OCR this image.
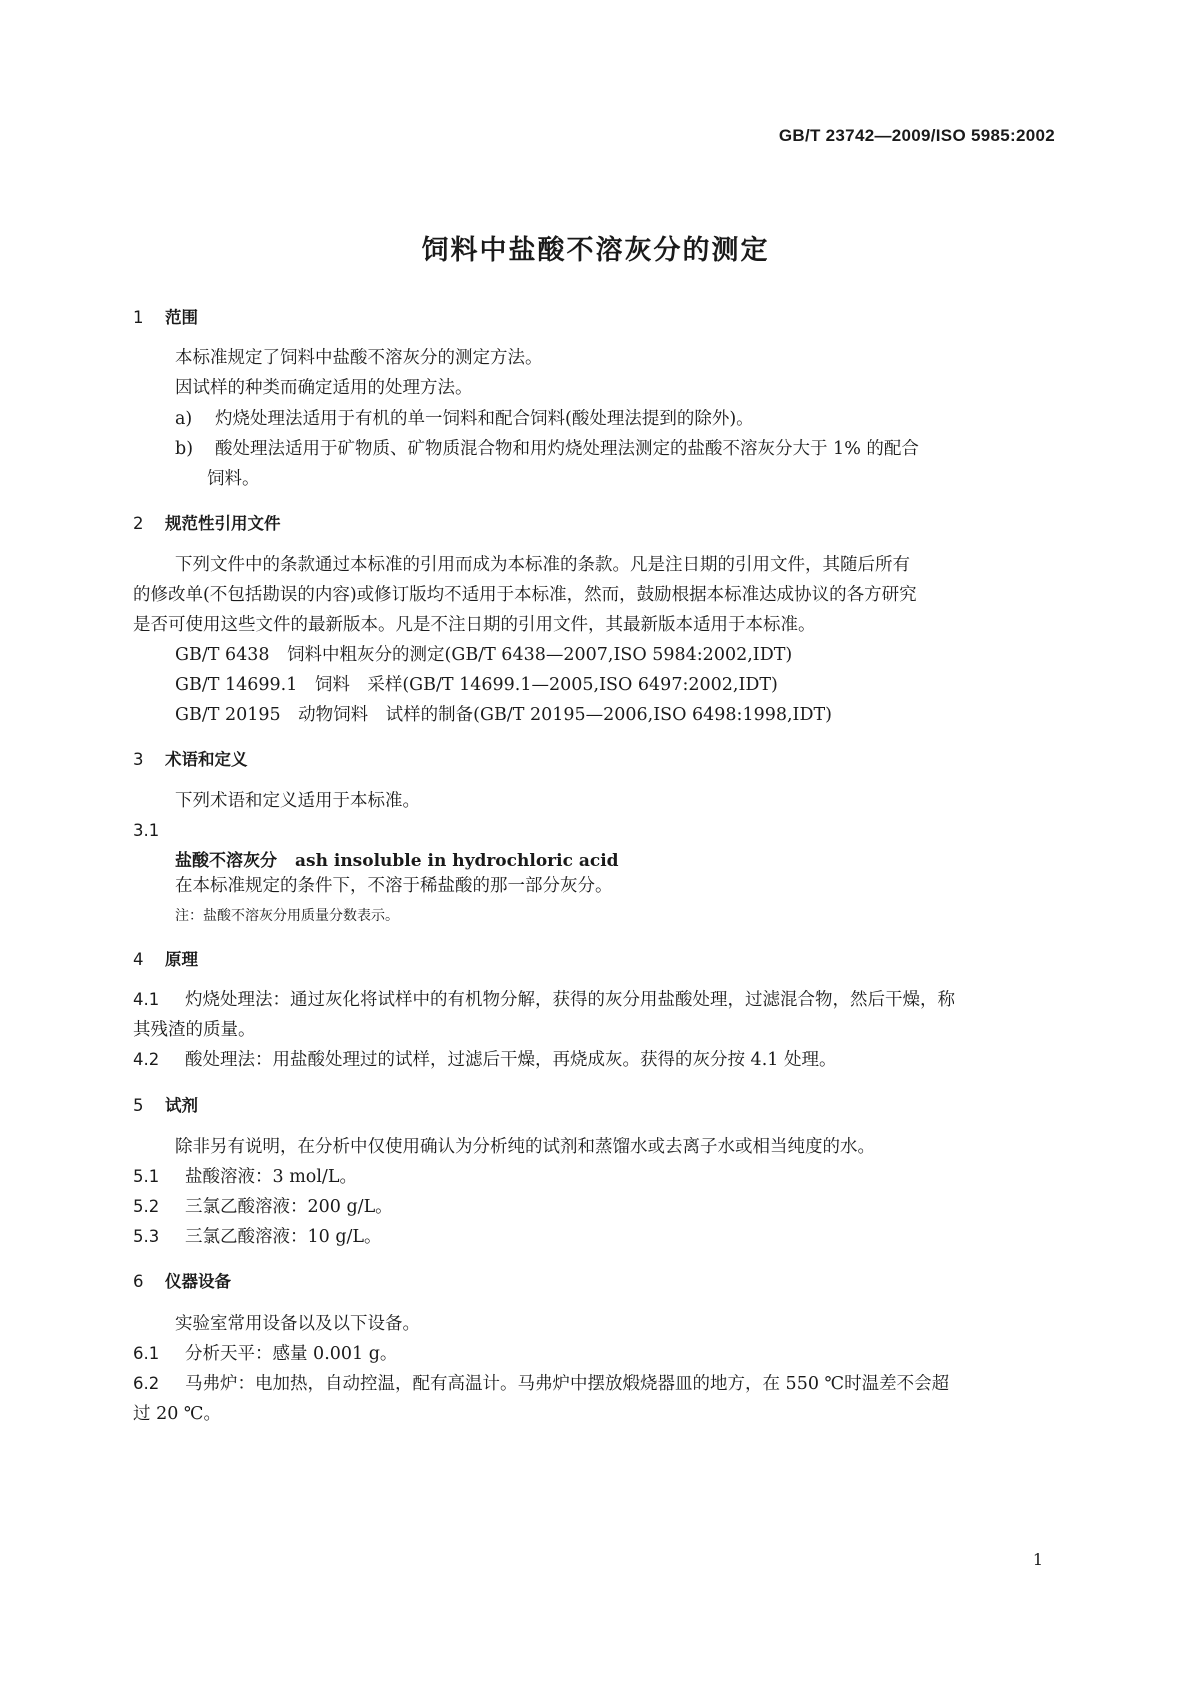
GB/T 23742—2009/ISO 5985:2002
饲料中盐酸不溶灰分的测定
1 范围
本标准规定了饲料中盐酸不溶灰分的测定方法。
因试样的种类而确定适用的处理方法。
a) 灼烧处理法适用于有机的单一饲料和配合饲料(酸处理法提到的除外)。
b) 酸处理法适用于矿物质、矿物质混合物和用灼烧处理法测定的盐酸不溶灰分大于 1% 的配合
饲料。
2 规范性引用文件
下列文件中的条款通过本标准的引用而成为本标准的条款。凡是注日期的引用文件，其随后所有
的修改单(不包括勘误的内容)或修订版均不适用于本标准，然而，鼓励根据本标准达成协议的各方研究
是否可使用这些文件的最新版本。凡是不注日期的引用文件，其最新版本适用于本标准。
GB/T 6438　饲料中粗灰分的测定(GB/T 6438—2007,ISO 5984:2002,IDT)
GB/T 14699.1　饲料　采样(GB/T 14699.1—2005,ISO 6497:2002,IDT)
GB/T 20195　动物饲料　试样的制备(GB/T 20195—2006,ISO 6498:1998,IDT)
3 术语和定义
下列术语和定义适用于本标准。
3.1
盐酸不溶灰分 ash insoluble in hydrochloric acid
在本标准规定的条件下，不溶于稀盐酸的那一部分灰分。
注：盐酸不溶灰分用质量分数表示。
4 原理
4.1 灼烧处理法：通过灰化将试样中的有机物分解，获得的灰分用盐酸处理，过滤混合物，然后干燥，称
其残渣的质量。
4.2 酸处理法：用盐酸处理过的试样，过滤后干燥，再烧成灰。获得的灰分按 4.1 处理。
5 试剂
除非另有说明，在分析中仅使用确认为分析纯的试剂和蒸馏水或去离子水或相当纯度的水。
5.1 盐酸溶液：3 mol/L。
5.2 三氯乙酸溶液：200 g/L。
5.3 三氯乙酸溶液：10 g/L。
6 仪器设备
实验室常用设备以及以下设备。
6.1 分析天平：感量 0.001 g。
6.2 马弗炉：电加热，自动控温，配有高温计。马弗炉中摆放煅烧器皿的地方，在 550 ℃时温差不会超
过 20 ℃。
1
